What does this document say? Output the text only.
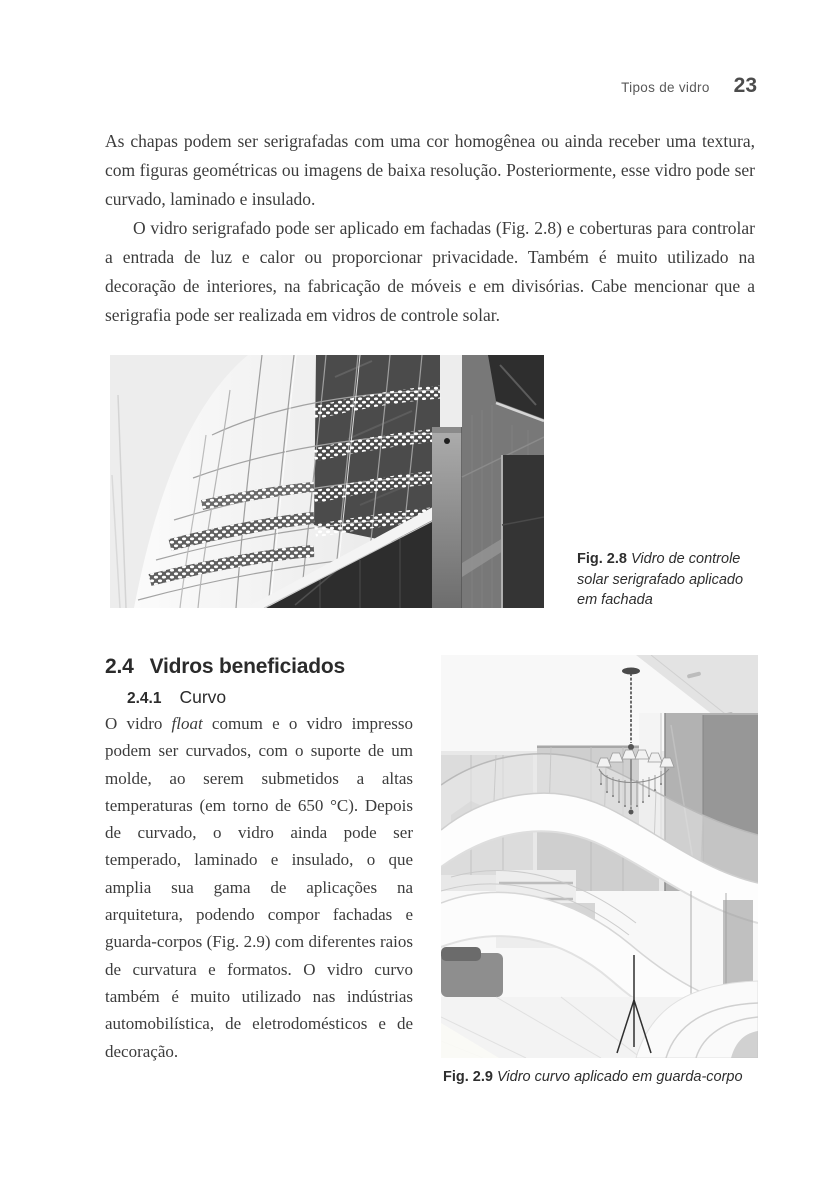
Tipos de vidro 23

As chapas podem ser serigrafadas com uma cor homogênea ou ainda receber uma textura, com figuras geométricas ou imagens de baixa resolução. Posteriormente, esse vidro pode ser curvado, laminado e insulado.

O vidro serigrafado pode ser aplicado em fachadas (Fig. 2.8) e coberturas para controlar a entrada de luz e calor ou proporcionar privacidade. Também é muito utilizado na decoração de interiores, na fabricação de móveis e em divisórias. Cabe mencionar que a serigrafia pode ser realizada em vidros de controle solar.

Fig. 2.8 Vidro de controle solar serigrafado aplicado em fachada
2.4 Vidros beneficiados
2.4.1 Curvo
O vidro float comum e o vidro impresso podem ser curvados, com o suporte de um molde, ao serem submetidos a altas temperaturas (em torno de 650 °C). Depois de curvado, o vidro ainda pode ser temperado, laminado e insulado, o que amplia sua gama de aplicações na arquitetura, podendo compor fachadas e guarda-corpos (Fig. 2.9) com diferentes raios de curvatura e formatos. O vidro curvo também é muito utilizado nas indústrias automobilística, de eletrodomésticos e de decoração.
Fig. 2.9 Vidro curvo aplicado em guarda-corpo
